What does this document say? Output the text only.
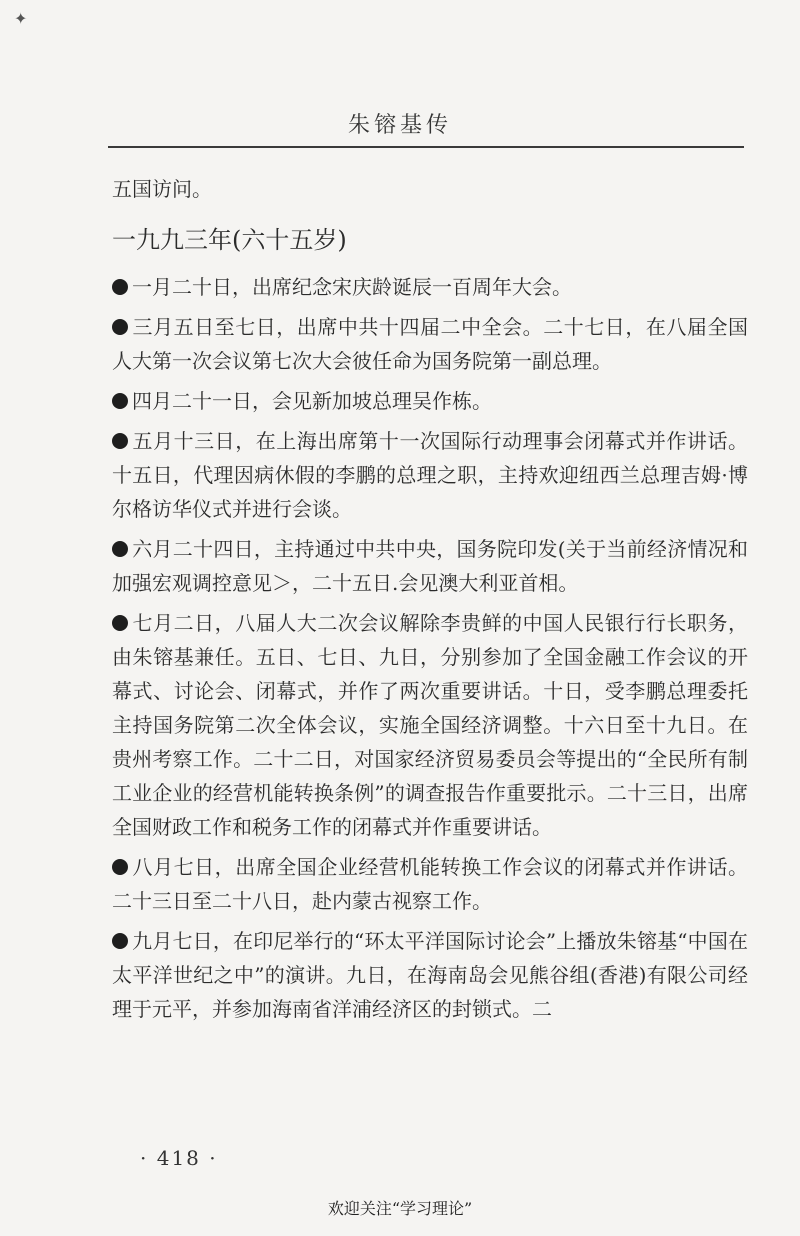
✦
朱镕基传

五国访问。

一九九三年(六十五岁)

一月二十日，出席纪念宋庆龄诞辰一百周年大会。

三月五日至七日，出席中共十四届二中全会。二十七日，在八届全国人大第一次会议第七次大会彼任命为国务院第一副总理。

四月二十一日，会见新加坡总理吴作栋。

五月十三日，在上海出席第十一次国际行动理事会闭幕式并作讲话。十五日，代理因病休假的李鹏的总理之职，主持欢迎纽西兰总理吉姆·博尔格访华仪式并进行会谈。

六月二十四日，主持通过中共中央，国务院印发(关于当前经济情况和加强宏观调控意见＞，二十五日.会见澳大利亚首相。

七月二日，八届人大二次会议解除李贵鲜的中国人民银行行长职务，由朱镕基兼任。五日、七日、九日，分别参加了全国金融工作会议的开幕式、讨论会、闭幕式，并作了两次重要讲话。十日，受李鹏总理委托主持国务院第二次全体会议，实施全国经济调整。十六日至十九日。在贵州考察工作。二十二日，对国家经济贸易委员会等提出的“全民所有制工业企业的经营机能转换条例”的调查报告作重要批示。二十三日，出席全国财政工作和税务工作的闭幕式并作重要讲话。

八月七日，出席全国企业经营机能转换工作会议的闭幕式并作讲话。二十三日至二十八日，赴内蒙古视察工作。

九月七日，在印尼举行的“环太平洋国际讨论会”上播放朱镕基“中国在太平洋世纪之中”的演讲。九日，在海南岛会见熊谷组(香港)有限公司经理于元平，并参加海南省洋浦经济区的封锁式。二

· 418 ·
欢迎关注“学习理论”
